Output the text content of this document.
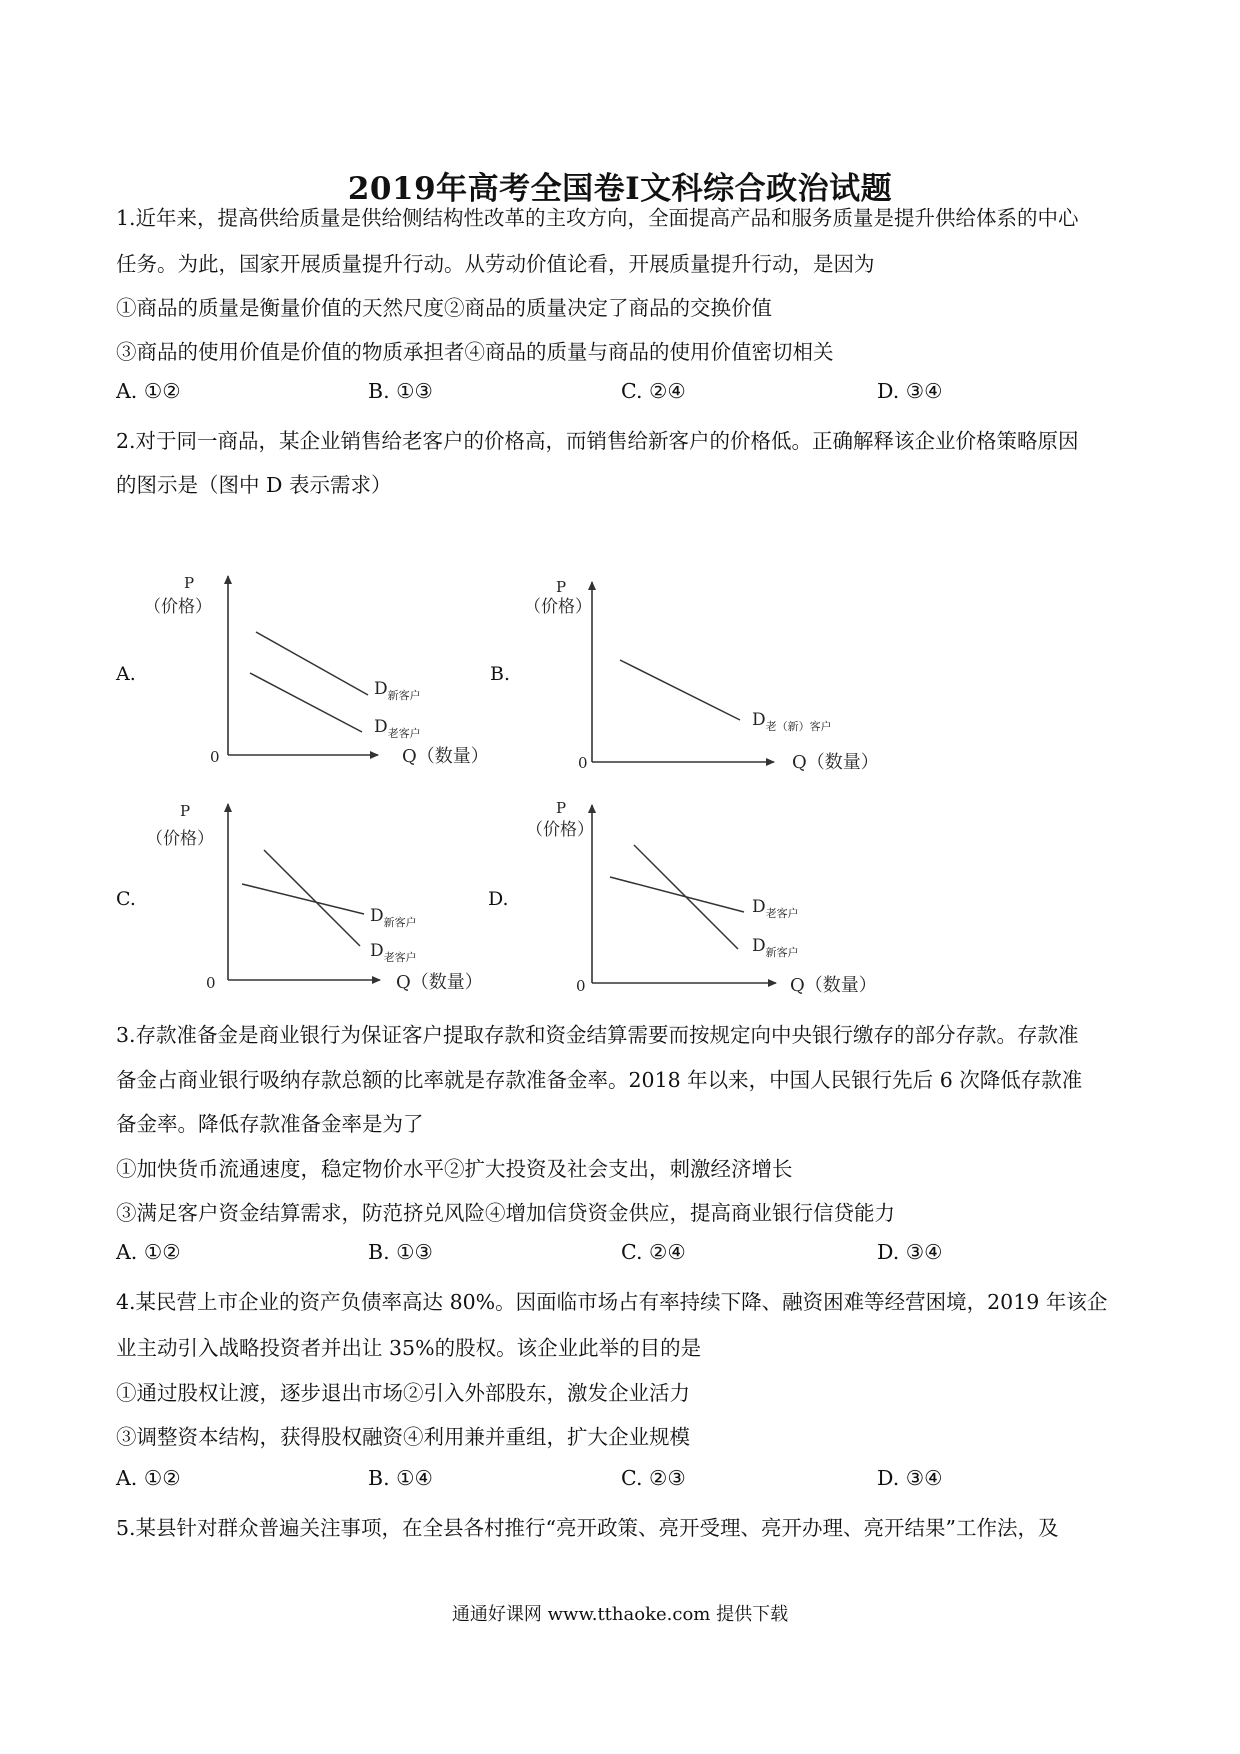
2019年高考全国卷Ⅰ文科综合政治试题
1.近年来，提高供给质量是供给侧结构性改革的主攻方向，全面提高产品和服务质量是提升供给体系的中心
任务。为此，国家开展质量提升行动。从劳动价值论看，开展质量提升行动，是因为
①商品的质量是衡量价值的天然尺度②商品的质量决定了商品的交换价值
③商品的使用价值是价值的物质承担者④商品的质量与商品的使用价值密切相关
A. ①②	B. ①③	C. ②④	D. ③④
2.对于同一商品，某企业销售给老客户的价格高，而销售给新客户的价格低。正确解释该企业价格策略原因
的图示是（图中 D 表示需求）
A.	B.
C.	D.
P
（价格）
0	Q（数量）
$D_{新客户}$
$D_{老客户}$
P
（价格）
0	Q（数量）
$D_{老(新)客户}$
P
（价格）
0	Q（数量）
$D_{新客户}$
$D_{老客户}$
P
（价格）
0	Q（数量）
$D_{老客户}$
$D_{新客户}$
3.存款准备金是商业银行为保证客户提取存款和资金结算需要而按规定向中央银行缴存的部分存款。存款准
备金占商业银行吸纳存款总额的比率就是存款准备金率。2018 年以来，中国人民银行先后 6 次降低存款准
备金率。降低存款准备金率是为了
①加快货币流通速度，稳定物价水平②扩大投资及社会支出，刺激经济增长
③满足客户资金结算需求，防范挤兑风险④增加信贷资金供应，提高商业银行信贷能力
A. ①②	B. ①③	C. ②④	D. ③④
4.某民营上市企业的资产负债率高达 80%。因面临市场占有率持续下降、融资困难等经营困境，2019 年该企
业主动引入战略投资者并出让 35%的股权。该企业此举的目的是
①通过股权让渡，逐步退出市场②引入外部股东，激发企业活力
③调整资本结构，获得股权融资④利用兼并重组，扩大企业规模
A. ①②	B. ①④	C. ②③	D. ③④
5.某县针对群众普遍关注事项，在全县各村推行“亮开政策、亮开受理、亮开办理、亮开结果”工作法，及
通通好课网 www.tthaoke.com 提供下载
